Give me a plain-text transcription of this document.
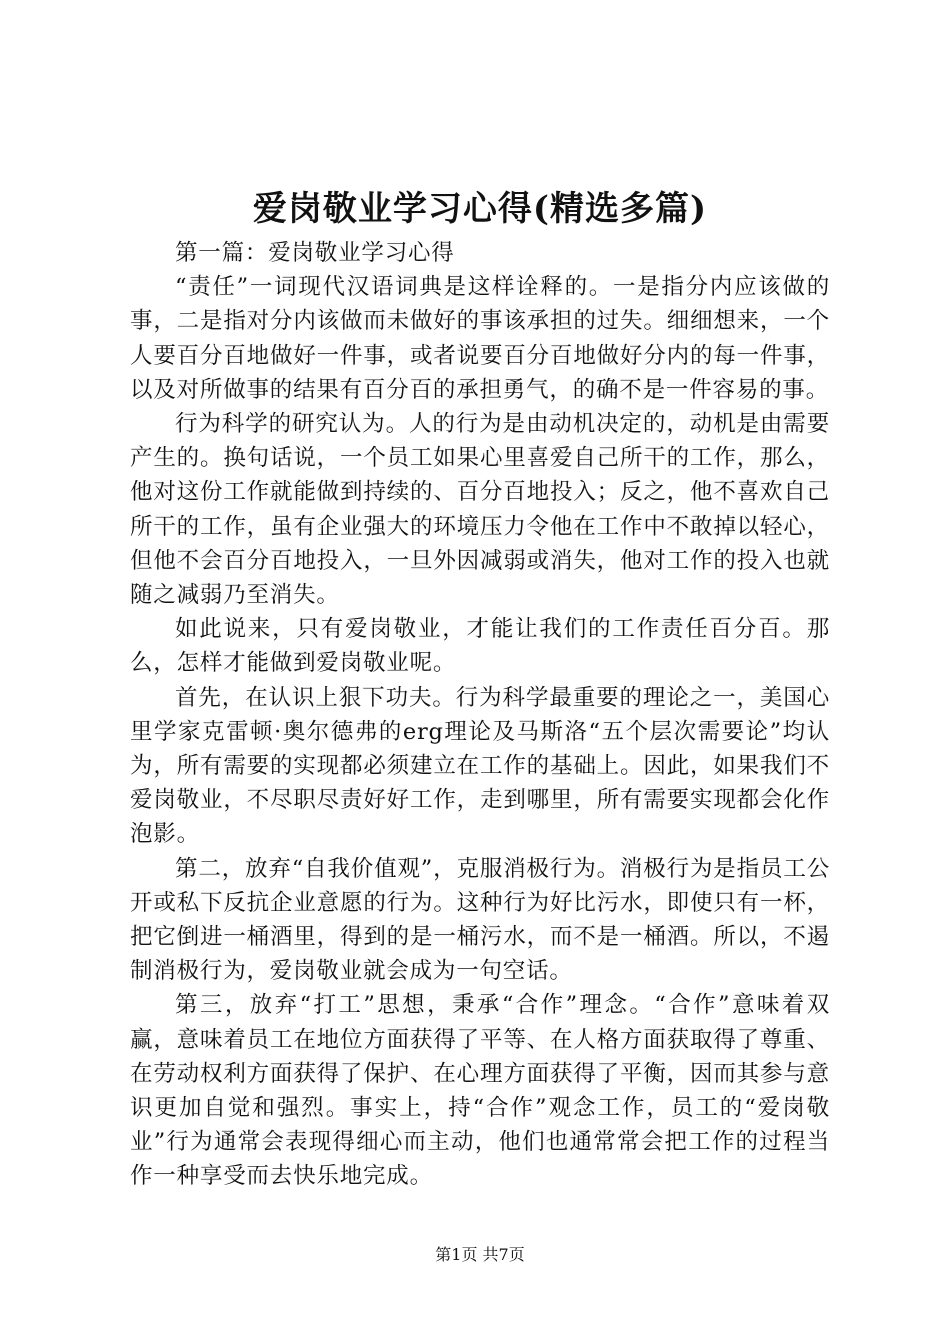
爱岗敬业学习心得(精选多篇)

第一篇：爱岗敬业学习心得

“责任”一词现代汉语词典是这样诠释的。一是指分内应该做的事，二是指对分内该做而未做好的事该承担的过失。细细想来，一个人要百分百地做好一件事，或者说要百分百地做好分内的每一件事，以及对所做事的结果有百分百的承担勇气，的确不是一件容易的事。

行为科学的研究认为。人的行为是由动机决定的，动机是由需要产生的。换句话说，一个员工如果心里喜爱自己所干的工作，那么，他对这份工作就能做到持续的、百分百地投入；反之，他不喜欢自己所干的工作，虽有企业强大的环境压力令他在工作中不敢掉以轻心，但他不会百分百地投入，一旦外因减弱或消失，他对工作的投入也就随之减弱乃至消失。

如此说来，只有爱岗敬业，才能让我们的工作责任百分百。那么，怎样才能做到爱岗敬业呢。

首先，在认识上狠下功夫。行为科学最重要的理论之一，美国心里学家克雷顿·奥尔德弗的erg理论及马斯洛“五个层次需要论”均认为，所有需要的实现都必须建立在工作的基础上。因此，如果我们不爱岗敬业，不尽职尽责好好工作，走到哪里，所有需要实现都会化作泡影。

第二，放弃“自我价值观”，克服消极行为。消极行为是指员工公开或私下反抗企业意愿的行为。这种行为好比污水，即使只有一杯，把它倒进一桶酒里，得到的是一桶污水，而不是一桶酒。所以，不遏制消极行为，爱岗敬业就会成为一句空话。

第三，放弃“打工”思想，秉承“合作”理念。“合作”意味着双赢，意味着员工在地位方面获得了平等、在人格方面获取得了尊重、在劳动权利方面获得了保护、在心理方面获得了平衡，因而其参与意识更加自觉和强烈。事实上，持“合作”观念工作，员工的“爱岗敬业”行为通常会表现得细心而主动，他们也通常常会把工作的过程当作一种享受而去快乐地完成。

第1页 共7页
